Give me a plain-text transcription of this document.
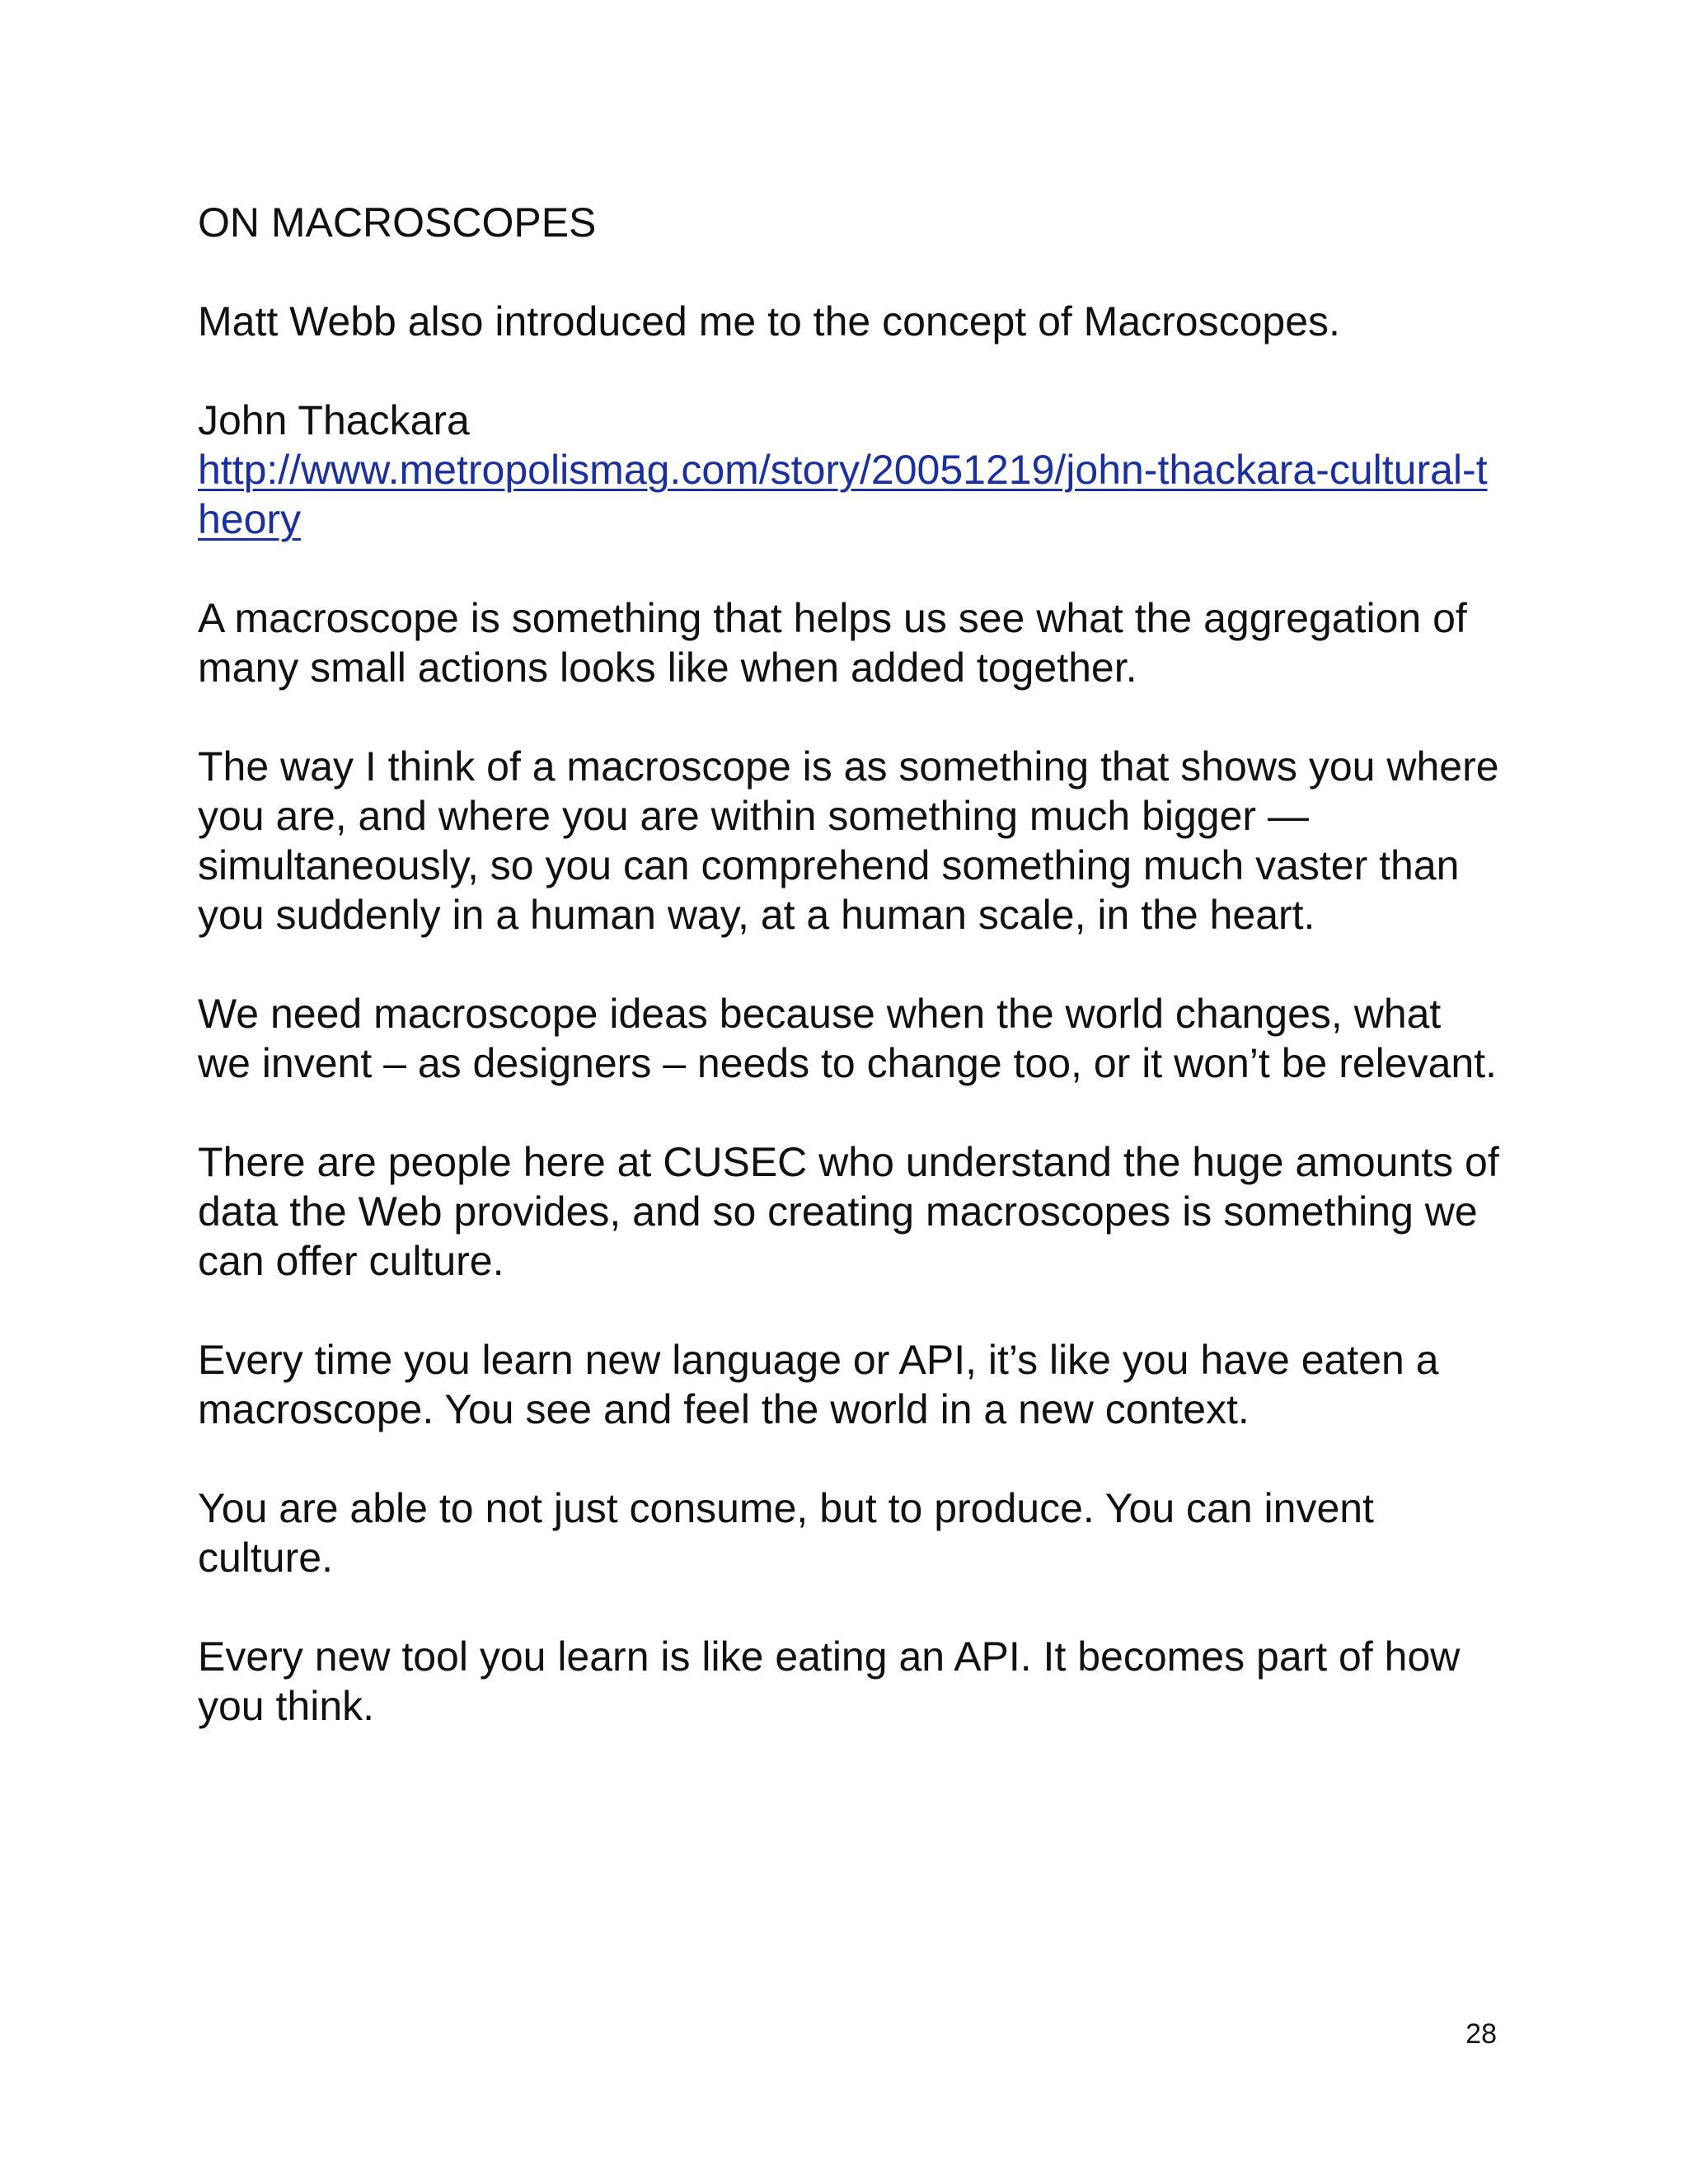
ON MACROSCOPES

Matt Webb also introduced me to the concept of Macroscopes.

John Thackara
http://www.metropolismag.com/story/20051219/john-thackara-cultural-theory

A macroscope is something that helps us see what the aggregation of many small actions looks like when added together.

The way I think of a macroscope is as something that shows you where you are, and where you are within something much bigger — simultaneously, so you can comprehend something much vaster than you suddenly in a human way, at a human scale, in the heart.

We need macroscope ideas because when the world changes, what we invent – as designers – needs to change too, or it won’t be relevant.

There are people here at CUSEC who understand the huge amounts of data the Web provides, and so creating macroscopes is something we can offer culture.

Every time you learn new language or API, it’s like you have eaten a macroscope. You see and feel the world in a new context.

You are able to not just consume, but to produce. You can invent culture.

Every new tool you learn is like eating an API. It becomes part of how you think.

28
